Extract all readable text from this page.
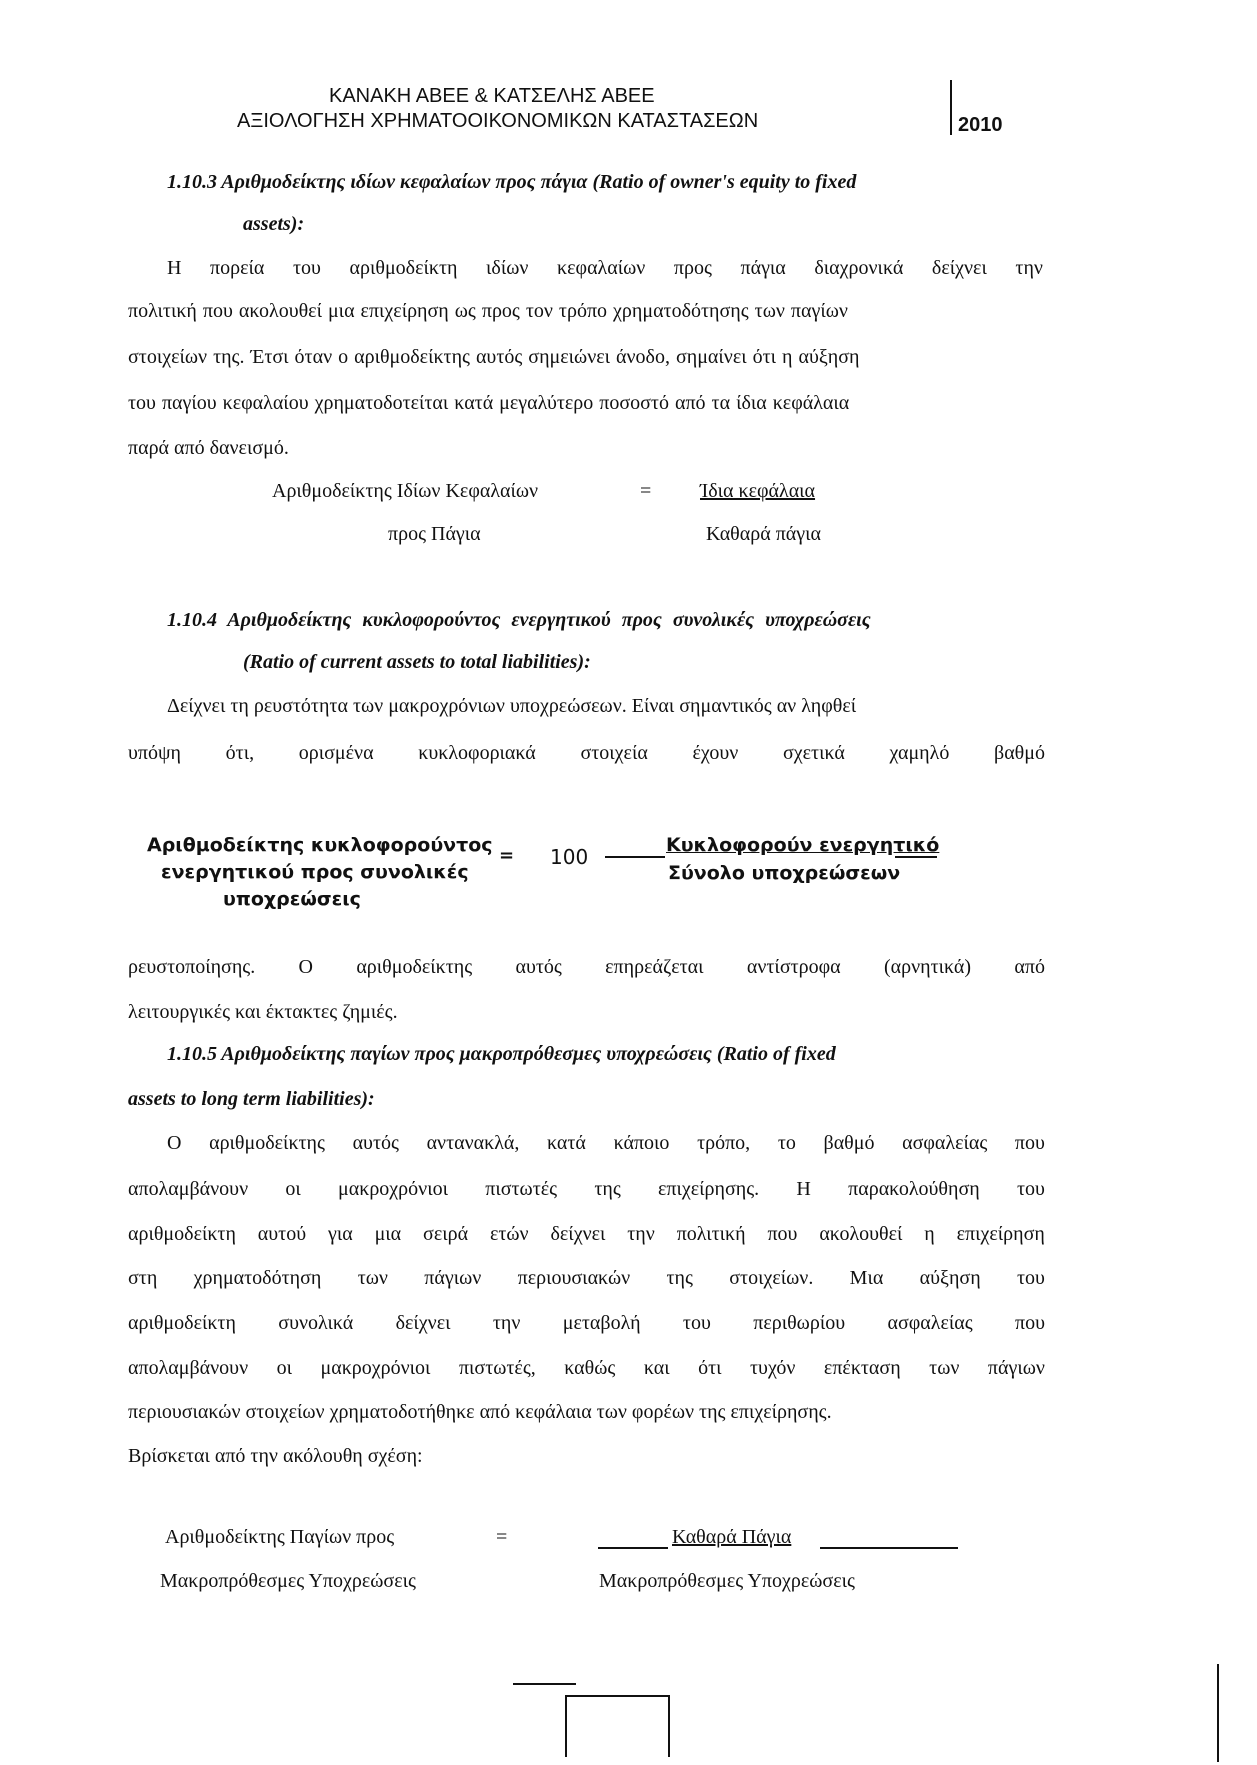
ΚΑΝΑΚΗ ΑΒΕΕ & ΚΑΤΣΕΛΗΣ ΑΒΕΕ
ΑΞΙΟΛΟΓΗΣΗ ΧΡΗΜΑΤΟΟΙΚΟΝΟΜΙΚΩΝ ΚΑΤΑΣΤΑΣΕΩΝ	2010
1.10.3 Αριθμοδείκτης ιδίων κεφαλαίων προς πάγια (Ratio of owner's equity to fixed
assets):
Η πορεία του αριθμοδείκτη ιδίων κεφαλαίων προς πάγια διαχρονικά δείχνει την
πολιτική που ακολουθεί μια επιχείρηση ως προς τον τρόπο χρηματοδότησης των παγίων
στοιχείων της. Έτσι όταν ο αριθμοδείκτης αυτός σημειώνει άνοδο, σημαίνει ότι η αύξηση
του παγίου κεφαλαίου χρηματοδοτείται κατά μεγαλύτερο ποσοστό από τα ίδια κεφάλαια
παρά από δανεισμό.
Αριθμοδείκτης Ιδίων Κεφαλαίων	= Ίδια κεφάλαια
προς Πάγια	Καθαρά πάγια
1.10.4 Αριθμοδείκτης κυκλοφορούντος ενεργητικού προς συνολικές υποχρεώσεις
(Ratio of current assets to total liabilities):
Δείχνει τη ρευστότητα των μακροχρόνιων υποχρεώσεων. Είναι σημαντικός αν ληφθεί
υπόψη ότι, ορισμένα κυκλοφοριακά στοιχεία έχουν σχετικά χαμηλό βαθμό
Αριθμοδείκτης κυκλοφορούντος
ενεργητικού προς συνολικές
υποχρεώσεις
= 100	Κυκλοφορούν ενεργητικό
Σύνολο υποχρεώσεων
ρευστοποίησης. Ο αριθμοδείκτης αυτός επηρεάζεται αντίστροφα (αρνητικά) από
λειτουργικές και έκτακτες ζημιές.
1.10.5 Αριθμοδείκτης παγίων προς μακροπρόθεσμες υποχρεώσεις (Ratio of fixed
assets to long term liabilities):
Ο αριθμοδείκτης αυτός αντανακλά, κατά κάποιο τρόπο, το βαθμό ασφαλείας που
απολαμβάνουν οι μακροχρόνιοι πιστωτές της επιχείρησης. Η παρακολούθηση του
αριθμοδείκτη αυτού για μια σειρά ετών δείχνει την πολιτική που ακολουθεί η επιχείρηση
στη χρηματοδότηση των πάγιων περιουσιακών της στοιχείων. Μια αύξηση του
αριθμοδείκτη συνολικά δείχνει την μεταβολή του περιθωρίου ασφαλείας που
απολαμβάνουν οι μακροχρόνιοι πιστωτές, καθώς και ότι τυχόν επέκταση των πάγιων
περιουσιακών στοιχείων χρηματοδοτήθηκε από κεφάλαια των φορέων της επιχείρησης.
Βρίσκεται από την ακόλουθη σχέση:
Αριθμοδείκτης Παγίων προς	=	Καθαρά Πάγια
Μακροπρόθεσμες Υποχρεώσεις	Μακροπρόθεσμες Υποχρεώσεις
